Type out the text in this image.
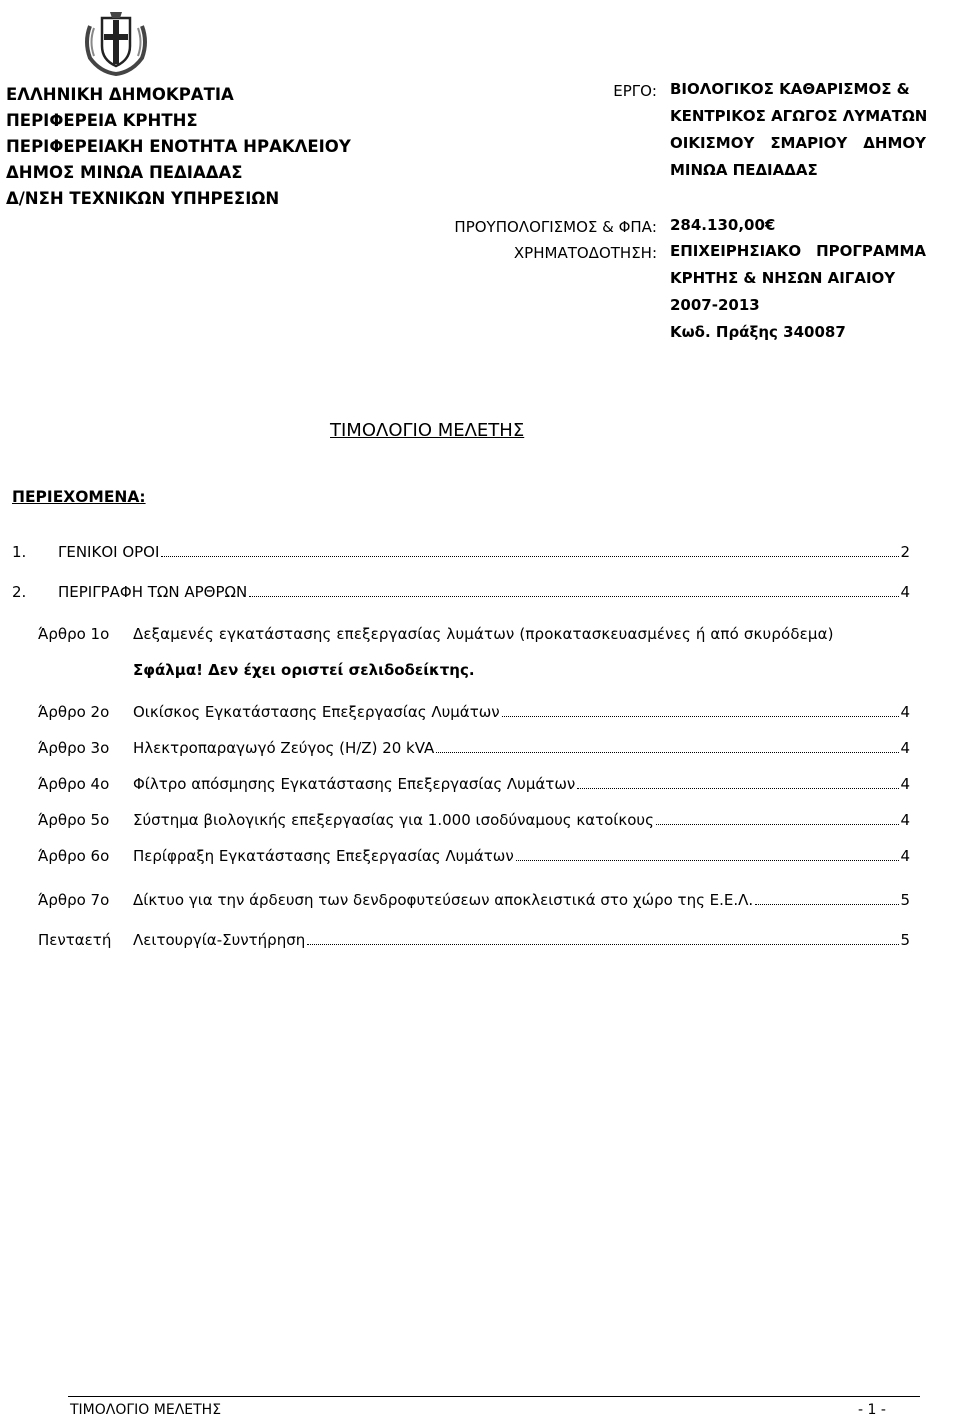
ΕΛΛΗΝΙΚΗ ΔΗΜΟΚΡΑΤΙΑ
ΠΕΡΙΦΕΡΕΙΑ ΚΡΗΤΗΣ
ΠΕΡΙΦΕΡΕΙΑΚΗ ΕΝΟΤΗΤΑ ΗΡΑΚΛΕΙΟΥ
ΔΗΜΟΣ ΜΙΝΩΑ ΠΕΔΙΑΔΑΣ
Δ/ΝΣΗ ΤΕΧΝΙΚΩΝ ΥΠΗΡΕΣΙΩΝ
ΕΡΓΟ: ΒΙΟΛΟΓΙΚΟΣ ΚΑΘΑΡΙΣΜΟΣ &
ΚΕΝΤΡΙΚΟΣ ΑΓΩΓΟΣ ΛΥΜΑΤΩΝ
ΟΙΚΙΣΜΟΥ ΣΜΑΡΙΟΥ ΔΗΜΟΥ
ΜΙΝΩΑ ΠΕΔΙΑΔΑΣ
ΠΡΟΥΠΟΛΟΓΙΣΜΟΣ & ΦΠΑ: 284.130,00€
ΧΡΗΜΑΤΟΔΟΤΗΣΗ: ΕΠΙΧΕΙΡΗΣΙΑΚΟ ΠΡΟΓΡΑΜΜΑ
ΚΡΗΤΗΣ & ΝΗΣΩΝ ΑΙΓΑΙΟΥ
2007-2013
Κωδ. Πράξης 340087
ΤΙΜΟΛΟΓΙΟ ΜΕΛΕΤΗΣ
ΠΕΡΙΕΧΟΜΕΝΑ:
1.	ΓΕΝΙΚΟΙ ΟΡΟΙ	2
2.	ΠΕΡΙΓΡΑΦΗ ΤΩΝ ΑΡΘΡΩΝ	4
Άρθρο 1ο Δεξαμενές εγκατάστασης επεξεργασίας λυμάτων (προκατασκευασμένες ή από σκυρόδεμα)
Σφάλμα! Δεν έχει οριστεί σελιδοδείκτης.
Άρθρο 2ο Οικίσκος Εγκατάστασης Επεξεργασίας Λυμάτων	4
Άρθρο 3ο Ηλεκτροπαραγωγό Ζεύγος (Η/Ζ) 20 kVA	4
Άρθρο 4ο Φίλτρο απόσμησης Εγκατάστασης Επεξεργασίας Λυμάτων	4
Άρθρο 5ο Σύστημα βιολογικής επεξεργασίας για 1.000 ισοδύναμους κατοίκους	4
Άρθρο 6ο Περίφραξη Εγκατάστασης Επεξεργασίας Λυμάτων	4
Άρθρο 7ο Δίκτυο για την άρδευση των δενδροφυτεύσεων αποκλειστικά στο χώρο της Ε.Ε.Λ.	5
Πενταετή Λειτουργία-Συντήρηση	5
ΤΙΜΟΛΟΓΙΟ ΜΕΛΕΤΗΣ	- 1 -
